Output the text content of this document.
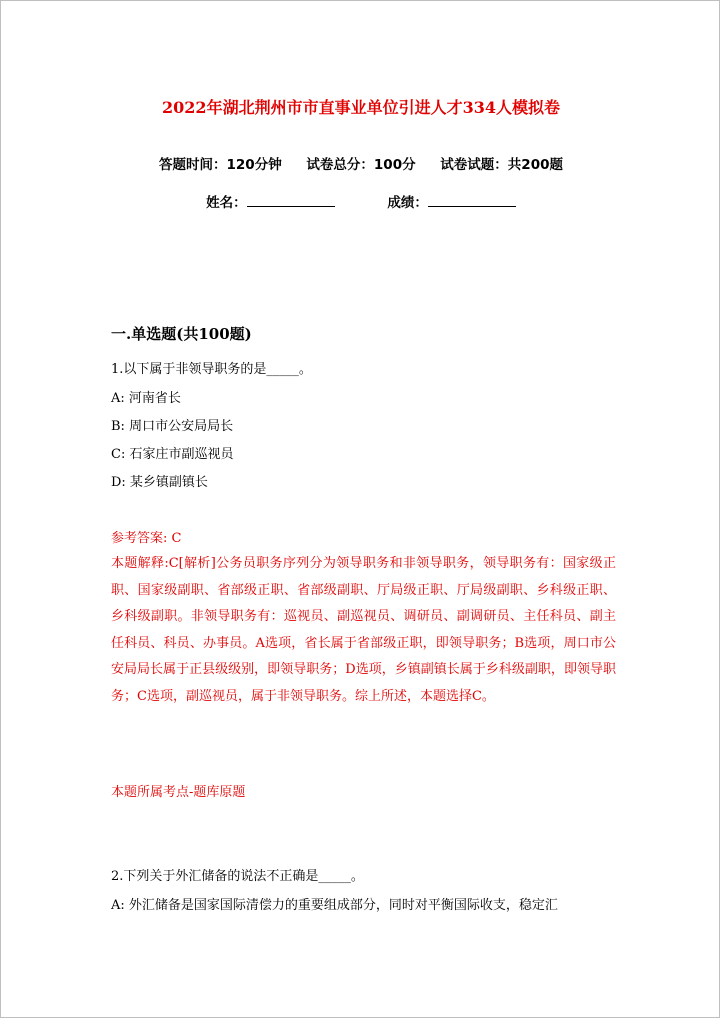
2022年湖北荆州市市直事业单位引进人才334人模拟卷
答题时间：120分钟 试卷总分：100分 试卷试题：共200题
姓名：	成绩：
一.单选题(共100题)
1.以下属于非领导职务的是_____。
A: 河南省长
B: 周口市公安局局长
C: 石家庄市副巡视员
D: 某乡镇副镇长
参考答案: C
本题解释:C[解析]公务员职务序列分为领导职务和非领导职务，领导职务有：国家级正职、国家级副职、省部级正职、省部级副职、厅局级正职、厅局级副职、乡科级正职、乡科级副职。非领导职务有：巡视员、副巡视员、调研员、副调研员、主任科员、副主任科员、科员、办事员。A选项，省长属于省部级正职，即领导职务；B选项，周口市公安局局长属于正县级级别，即领导职务；D选项，乡镇副镇长属于乡科级副职，即领导职务；C选项，副巡视员，属于非领导职务。综上所述，本题选择C。
本题所属考点-题库原题
2.下列关于外汇储备的说法不正确是_____。
A: 外汇储备是国家国际清偿力的重要组成部分，同时对平衡国际收支，稳定汇
